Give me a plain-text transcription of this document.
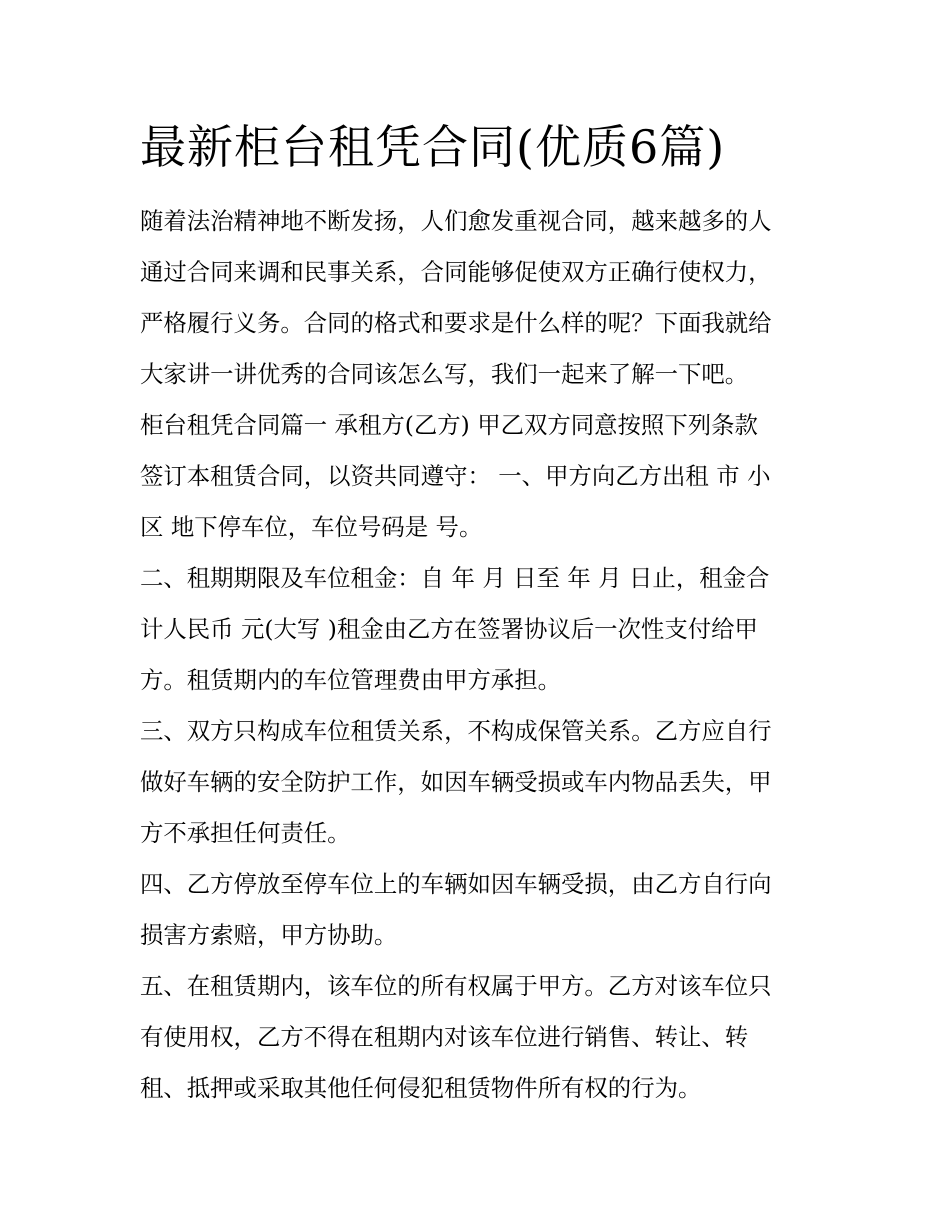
最新柜台租凭合同(优质6篇)
随着法治精神地不断发扬，人们愈发重视合同，越来越多的人
通过合同来调和民事关系，合同能够促使双方正确行使权力，
严格履行义务。合同的格式和要求是什么样的呢？下面我就给
大家讲一讲优秀的合同该怎么写，我们一起来了解一下吧。
柜台租凭合同篇一 承租方(乙方) 甲乙双方同意按照下列条款
签订本租赁合同，以资共同遵守： 一、甲方向乙方出租 市 小
区 地下停车位，车位号码是 号。
二、租期期限及车位租金：自 年 月 日至 年 月 日止，租金合
计人民币 元(大写 )租金由乙方在签署协议后一次性支付给甲
方。租赁期内的车位管理费由甲方承担。
三、双方只构成车位租赁关系，不构成保管关系。乙方应自行
做好车辆的安全防护工作，如因车辆受损或车内物品丢失，甲
方不承担任何责任。
四、乙方停放至停车位上的车辆如因车辆受损，由乙方自行向
损害方索赔，甲方协助。
五、在租赁期内，该车位的所有权属于甲方。乙方对该车位只
有使用权，乙方不得在租期内对该车位进行销售、转让、转
租、抵押或采取其他任何侵犯租赁物件所有权的行为。
